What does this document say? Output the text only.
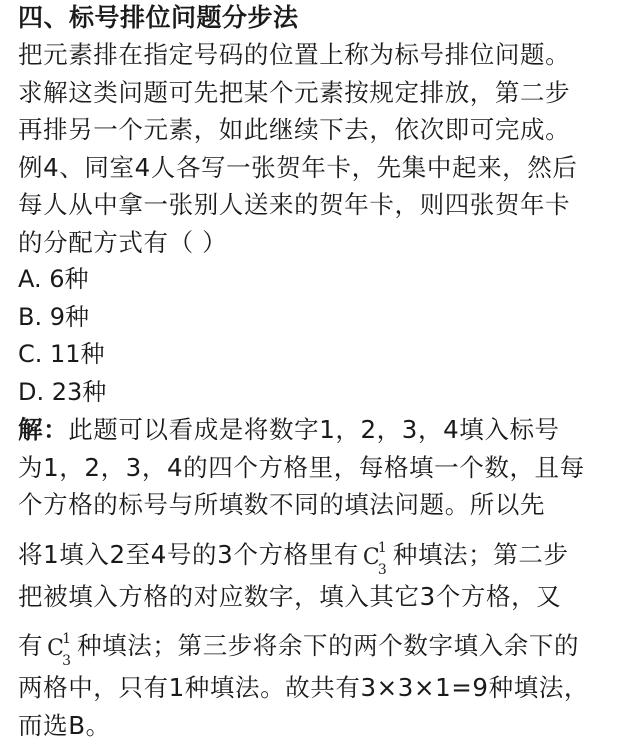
四、标号排位问题分步法

把元素排在指定号码的位置上称为标号排位问题。
求解这类问题可先把某个元素按规定排放，第二步
再排另一个元素，如此继续下去，依次即可完成。

例4、同室4人各写一张贺年卡，先集中起来，然后
每人从中拿一张别人送来的贺年卡，则四张贺年卡
的分配方式有（ ）

A. 6种

B. 9种

C. 11种

D. 23种

解：此题可以看成是将数字1，2，3，4填入标号
为1，2，3，4的四个方格里，每格填一个数，且每
个方格的标号与所填数不同的填法问题。所以先
将1填入2至4号的3个方格里有 C
1
3
种填法；第二步
把被填入方格的对应数字，填入其它3个方格，又
有 C
1
3
种填法；第三步将余下的两个数字填入余下的
两格中，只有1种填法。故共有3×3×1=9种填法，
而选B。
